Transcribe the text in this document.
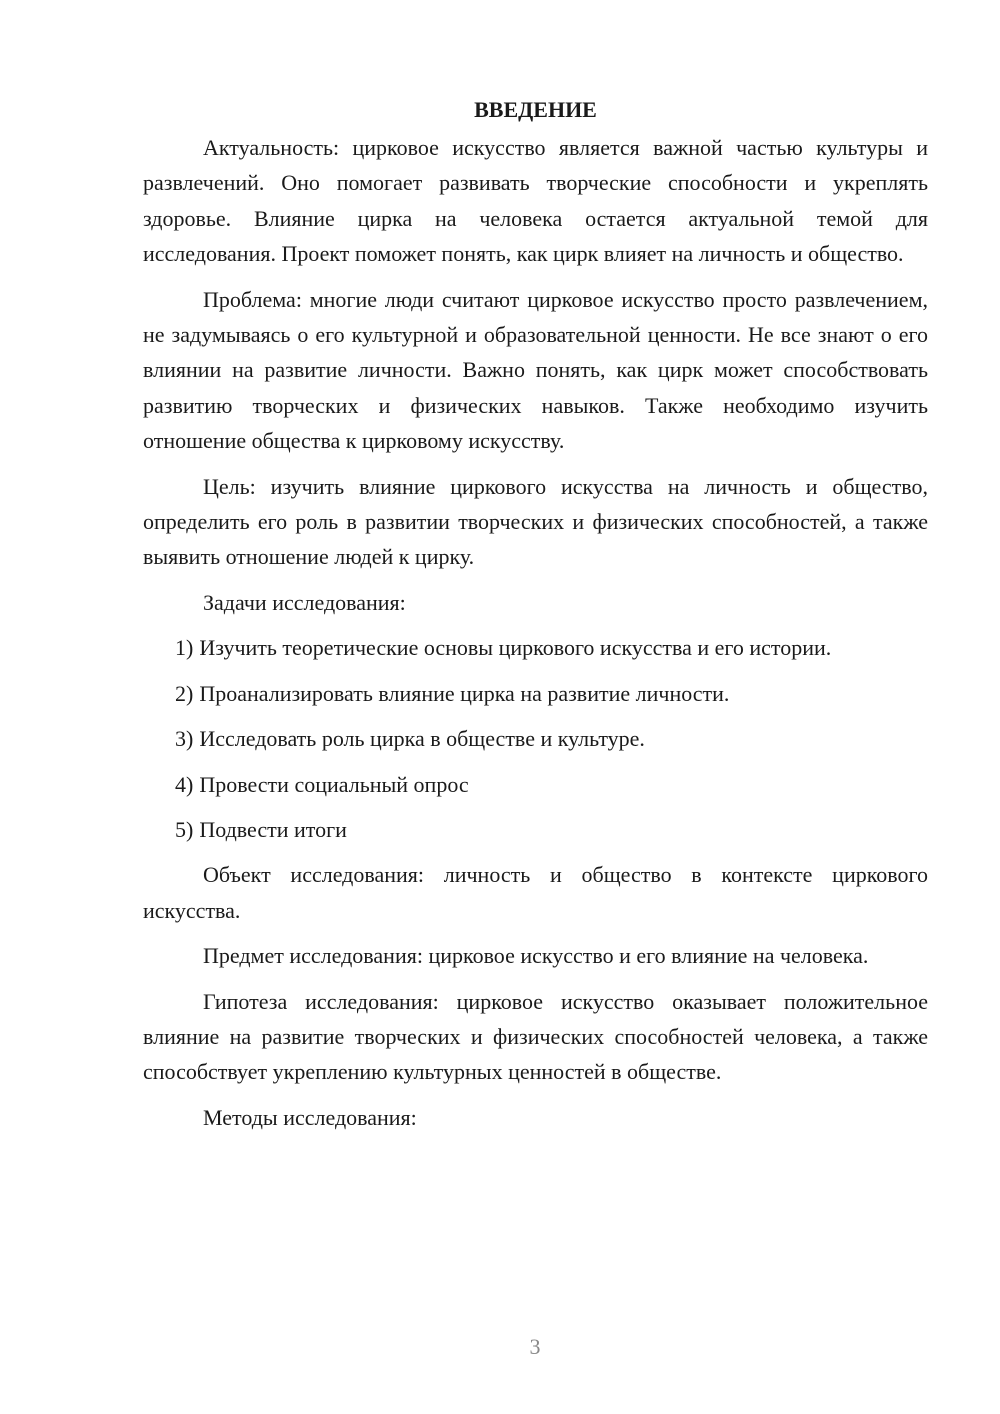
ВВЕДЕНИЕ

Актуальность: цирковое искусство является важной частью культуры и развлечений. Оно помогает развивать творческие способности и укреплять здоровье. Влияние цирка на человека остается актуальной темой для исследования. Проект поможет понять, как цирк влияет на личность и общество.

Проблема: многие люди считают цирковое искусство просто развлечением, не задумываясь о его культурной и образовательной ценности. Не все знают о его влиянии на развитие личности. Важно понять, как цирк может способствовать развитию творческих и физических навыков. Также необходимо изучить отношение общества к цирковому искусству.

Цель: изучить влияние циркового искусства на личность и общество, определить его роль в развитии творческих и физических способностей, а также выявить отношение людей к цирку.

Задачи исследования:

1) Изучить теоретические основы циркового искусства и его истории.
2) Проанализировать влияние цирка на развитие личности.
3) Исследовать роль цирка в обществе и культуре.
4) Провести социальный опрос
5) Подвести итоги

Объект исследования: личность и общество в контексте циркового искусства.

Предмет исследования: цирковое искусство и его влияние на человека.

Гипотеза исследования: цирковое искусство оказывает положительное влияние на развитие творческих и физических способностей человека, а также способствует укреплению культурных ценностей в обществе.

Методы исследования:

3
